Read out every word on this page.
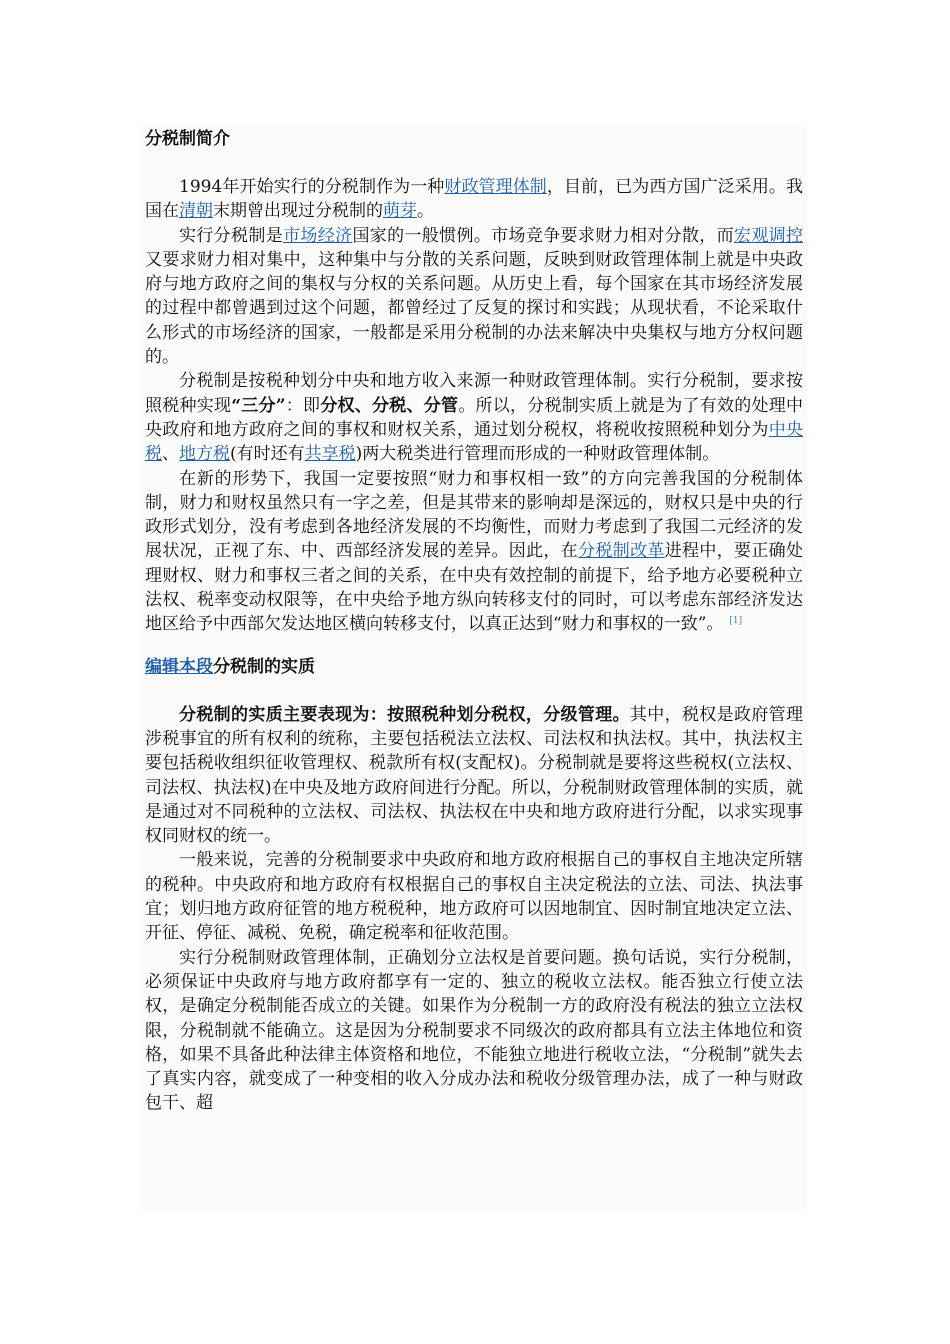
分税制简介

1994年开始实行的分税制作为一种财政管理体制，目前，已为西方国广泛采用。我国在清朝末期曾出现过分税制的萌芽。

实行分税制是市场经济国家的一般惯例。市场竞争要求财力相对分散，而宏观调控又要求财力相对集中，这种集中与分散的关系问题，反映到财政管理体制上就是中央政府与地方政府之间的集权与分权的关系问题。从历史上看，每个国家在其市场经济发展的过程中都曾遇到过这个问题，都曾经过了反复的探讨和实践；从现状看，不论采取什么形式的市场经济的国家，一般都是采用分税制的办法来解决中央集权与地方分权问题的。

分税制是按税种划分中央和地方收入来源一种财政管理体制。实行分税制，要求按照税种实现“三分”：即分权、分税、分管。所以，分税制实质上就是为了有效的处理中央政府和地方政府之间的事权和财权关系，通过划分税权，将税收按照税种划分为中央税、地方税(有时还有共享税)两大税类进行管理而形成的一种财政管理体制。

在新的形势下，我国一定要按照“财力和事权相一致”的方向完善我国的分税制体制，财力和财权虽然只有一字之差，但是其带来的影响却是深远的，财权只是中央的行政形式划分，没有考虑到各地经济发展的不均衡性，而财力考虑到了我国二元经济的发展状况，正视了东、中、西部经济发展的差异。因此，在分税制改革进程中，要正确处理财权、财力和事权三者之间的关系，在中央有效控制的前提下，给予地方必要税种立法权、税率变动权限等，在中央给予地方纵向转移支付的同时，可以考虑东部经济发达地区给予中西部欠发达地区横向转移支付，以真正达到“财力和事权的一致”。 [1]

编辑本段分税制的实质

分税制的实质主要表现为：按照税种划分税权，分级管理。其中，税权是政府管理涉税事宜的所有权利的统称，主要包括税法立法权、司法权和执法权。其中，执法权主要包括税收组织征收管理权、税款所有权(支配权)。分税制就是要将这些税权(立法权、司法权、执法权)在中央及地方政府间进行分配。所以，分税制财政管理体制的实质，就是通过对不同税种的立法权、司法权、执法权在中央和地方政府进行分配，以求实现事权同财权的统一。

一般来说，完善的分税制要求中央政府和地方政府根据自己的事权自主地决定所辖的税种。中央政府和地方政府有权根据自己的事权自主决定税法的立法、司法、执法事宜；划归地方政府征管的地方税税种，地方政府可以因地制宜、因时制宜地决定立法、开征、停征、减税、免税，确定税率和征收范围。

实行分税制财政管理体制，正确划分立法权是首要问题。换句话说，实行分税制，必须保证中央政府与地方政府都享有一定的、独立的税收立法权。能否独立行使立法权，是确定分税制能否成立的关键。如果作为分税制一方的政府没有税法的独立立法权限，分税制就不能确立。这是因为分税制要求不同级次的政府都具有立法主体地位和资格，如果不具备此种法律主体资格和地位，不能独立地进行税收立法，“分税制”就失去了真实内容，就变成了一种变相的收入分成办法和税收分级管理办法，成了一种与财政包干、超
